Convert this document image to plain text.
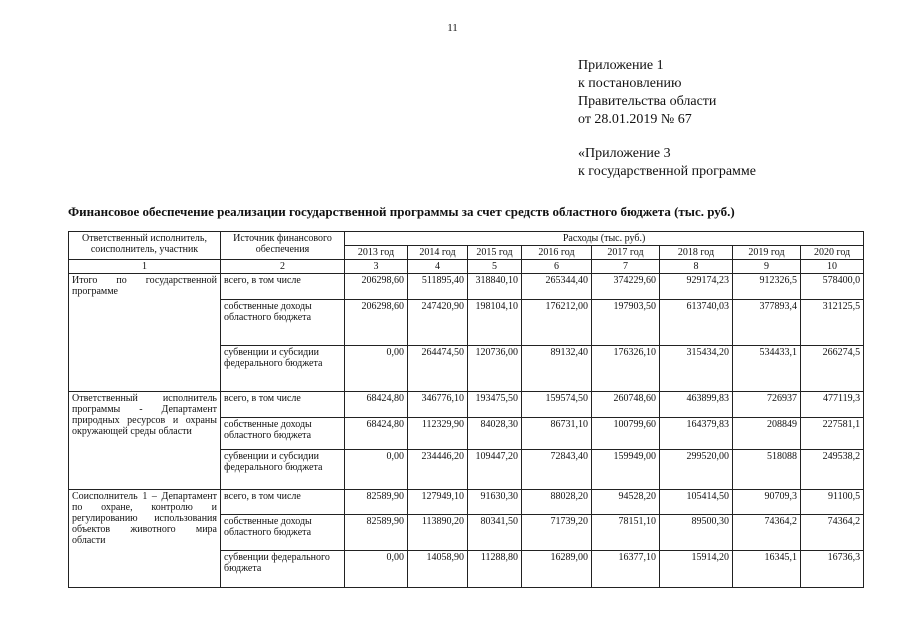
11
Приложение 1
к постановлению
Правительства области
от 28.01.2019 № 67
«Приложение 3
к государственной программе
Финансовое обеспечение реализации государственной программы за счет средств областного бюджета (тыс. руб.)
Ответственный исполнитель, соисполнитель, участник	Источник финансового обеспечения	Расходы (тыс. руб.)							
		2013 год	2014 год	2015 год	2016 год	2017 год	2018 год	2019 год	2020 год
1	2	3	4	5	6	7	8	9	10
Итого по государственной программе	всего, в том числе	206298,60	511895,40	318840,10	265344,40	374229,60	929174,23	912326,5	578400,0
	собственные доходы областного бюджета	206298,60	247420,90	198104,10	176212,00	197903,50	613740,03	377893,4	312125,5
	субвенции и субсидии федерального бюджета	0,00	264474,50	120736,00	89132,40	176326,10	315434,20	534433,1	266274,5
Ответственный исполнитель программы - Департамент природных ресурсов и охраны окружающей среды области	всего, в том числе	68424,80	346776,10	193475,50	159574,50	260748,60	463899,83	726937	477119,3
	собственные доходы областного бюджета	68424,80	112329,90	84028,30	86731,10	100799,60	164379,83	208849	227581,1
	субвенции и субсидии федерального бюджета	0,00	234446,20	109447,20	72843,40	159949,00	299520,00	518088	249538,2
Соисполнитель 1 – Департамент по охране, контролю и регулированию использования объектов животного мира области	всего, в том числе	82589,90	127949,10	91630,30	88028,20	94528,20	105414,50	90709,3	91100,5
	собственные доходы областного бюджета	82589,90	113890,20	80341,50	71739,20	78151,10	89500,30	74364,2	74364,2
	субвенции федерального бюджета	0,00	14058,90	11288,80	16289,00	16377,10	15914,20	16345,1	16736,3
